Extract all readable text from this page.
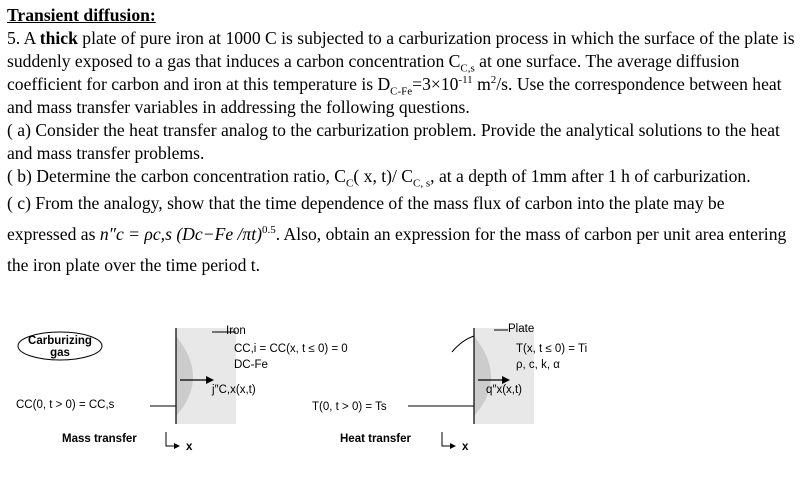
Transient diffusion:
5. A thick plate of pure iron at 1000 C is subjected to a carburization process in which the surface of the plate is suddenly exposed to a gas that induces a carbon concentration $C_{C,s}$ at one surface. The average diffusion coefficient for carbon and iron at this temperature is $D_{C-Fe}=3\times 10^{-11}$ $m^2/s$. Use the correspondence between heat and mass transfer variables in addressing the following questions.
( a) Consider the heat transfer analog to the carburization problem. Provide the analytical solutions to the heat and mass transfer problems.
( b) Determine the carbon concentration ratio, $C_C$( x, t)/ $C_{C, s}$, at a depth of 1mm after 1 h of carburization.
( c) From the analogy, show that the time dependence of the mass flux of carbon into the plate may be expressed as n″c = ρc,s (Dc−Fe /πt)$^{0.5}$. Also, obtain an expression for the mass of carbon per unit area entering the iron plate over the time period t.
Carburizing
gas
Iron
CC,i = CC(x, t ≤ 0) = 0
DC-Fe
j″C,x(x,t)
CC(0, t > 0) = CC,s
Mass transfer
x
Plate
T(x, t ≤ 0) = Ti
ρ, c, k, α
q″x(x,t)
T(0, t > 0) = Ts
Heat transfer
x
